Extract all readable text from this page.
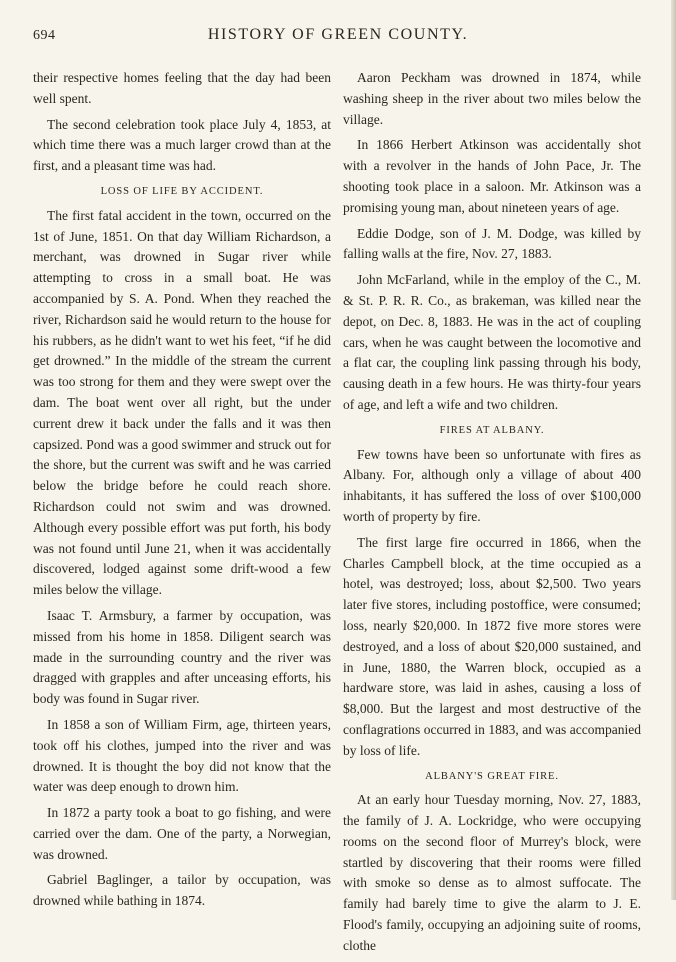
694	HISTORY OF GREEN COUNTY.

their respective homes feeling that the day had been well spent.

The second celebration took place July 4, 1853, at which time there was a much larger crowd than at the first, and a pleasant time was had.

LOSS OF LIFE BY ACCIDENT.

The first fatal accident in the town, occurred on the 1st of June, 1851. On that day William Richardson, a merchant, was drowned in Sugar river while attempting to cross in a small boat. He was accompanied by S. A. Pond. When they reached the river, Richardson said he would return to the house for his rubbers, as he didn't want to wet his feet, “if he did get drowned.” In the middle of the stream the current was too strong for them and they were swept over the dam. The boat went over all right, but the under current drew it back under the falls and it was then capsized. Pond was a good swimmer and struck out for the shore, but the current was swift and he was carried below the bridge before he could reach shore. Richardson could not swim and was drowned. Although every possible effort was put forth, his body was not found until June 21, when it was accidentally discovered, lodged against some drift-wood a few miles below the village.

Isaac T. Armsbury, a farmer by occupation, was missed from his home in 1858. Diligent search was made in the surrounding country and the river was dragged with grapples and after unceasing efforts, his body was found in Sugar river.

In 1858 a son of William Firm, age, thirteen years, took off his clothes, jumped into the river and was drowned. It is thought the boy did not know that the water was deep enough to drown him.

In 1872 a party took a boat to go fishing, and were carried over the dam. One of the party, a Norwegian, was drowned.

Gabriel Baglinger, a tailor by occupation, was drowned while bathing in 1874.

Aaron Peckham was drowned in 1874, while washing sheep in the river about two miles below the village.

In 1866 Herbert Atkinson was accidentally shot with a revolver in the hands of John Pace, Jr. The shooting took place in a saloon. Mr. Atkinson was a promising young man, about nineteen years of age.

Eddie Dodge, son of J. M. Dodge, was killed by falling walls at the fire, Nov. 27, 1883.

John McFarland, while in the employ of the C., M. & St. P. R. R. Co., as brakeman, was killed near the depot, on Dec. 8, 1883. He was in the act of coupling cars, when he was caught between the locomotive and a flat car, the coupling link passing through his body, causing death in a few hours. He was thirty-four years of age, and left a wife and two children.

FIRES AT ALBANY.

Few towns have been so unfortunate with fires as Albany. For, although only a village of about 400 inhabitants, it has suffered the loss of over $100,000 worth of property by fire.

The first large fire occurred in 1866, when the Charles Campbell block, at the time occupied as a hotel, was destroyed; loss, about $2,500. Two years later five stores, including postoffice, were consumed; loss, nearly $20,000. In 1872 five more stores were destroyed, and a loss of about $20,000 sustained, and in June, 1880, the Warren block, occupied as a hardware store, was laid in ashes, causing a loss of $8,000. But the largest and most destructive of the conflagrations occurred in 1883, and was accompanied by loss of life.

ALBANY'S GREAT FIRE.

At an early hour Tuesday morning, Nov. 27, 1883, the family of J. A. Lockridge, who were occupying rooms on the second floor of Murrey's block, were startled by discovering that their rooms were filled with smoke so dense as to almost suffocate. The family had barely time to give the alarm to J. E. Flood's family, occupying an adjoining suite of rooms, clothe
